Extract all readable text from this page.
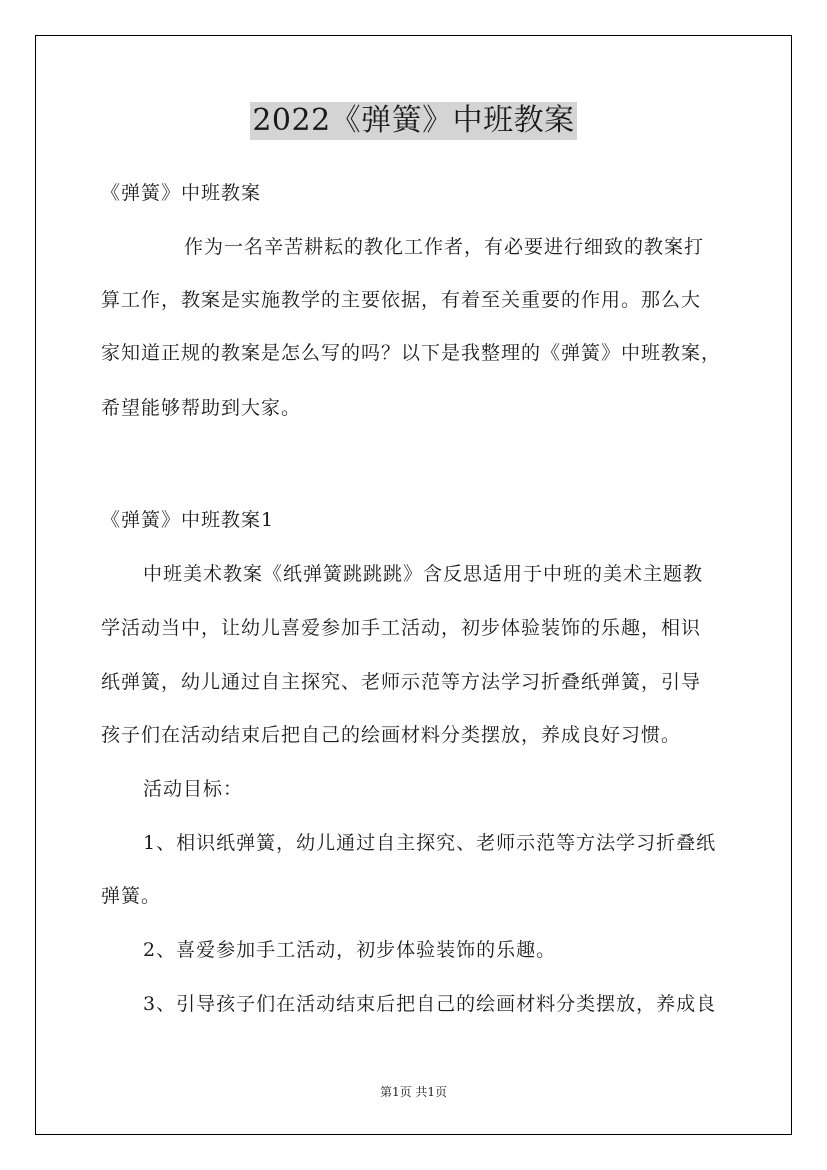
2022《弹簧》中班教案
《弹簧》中班教案
作为一名辛苦耕耘的教化工作者，有必要进行细致的教案打
算工作，教案是实施教学的主要依据，有着至关重要的作用。那么大
家知道正规的教案是怎么写的吗？以下是我整理的《弹簧》中班教案，
希望能够帮助到大家。
《弹簧》中班教案1
中班美术教案《纸弹簧跳跳跳》含反思适用于中班的美术主题教
学活动当中，让幼儿喜爱参加手工活动，初步体验装饰的乐趣，相识
纸弹簧，幼儿通过自主探究、老师示范等方法学习折叠纸弹簧，引导
孩子们在活动结束后把自己的绘画材料分类摆放，养成良好习惯。
活动目标：
1、相识纸弹簧，幼儿通过自主探究、老师示范等方法学习折叠纸
弹簧。
2、喜爱参加手工活动，初步体验装饰的乐趣。
3、引导孩子们在活动结束后把自己的绘画材料分类摆放，养成良
第1页 共1页
